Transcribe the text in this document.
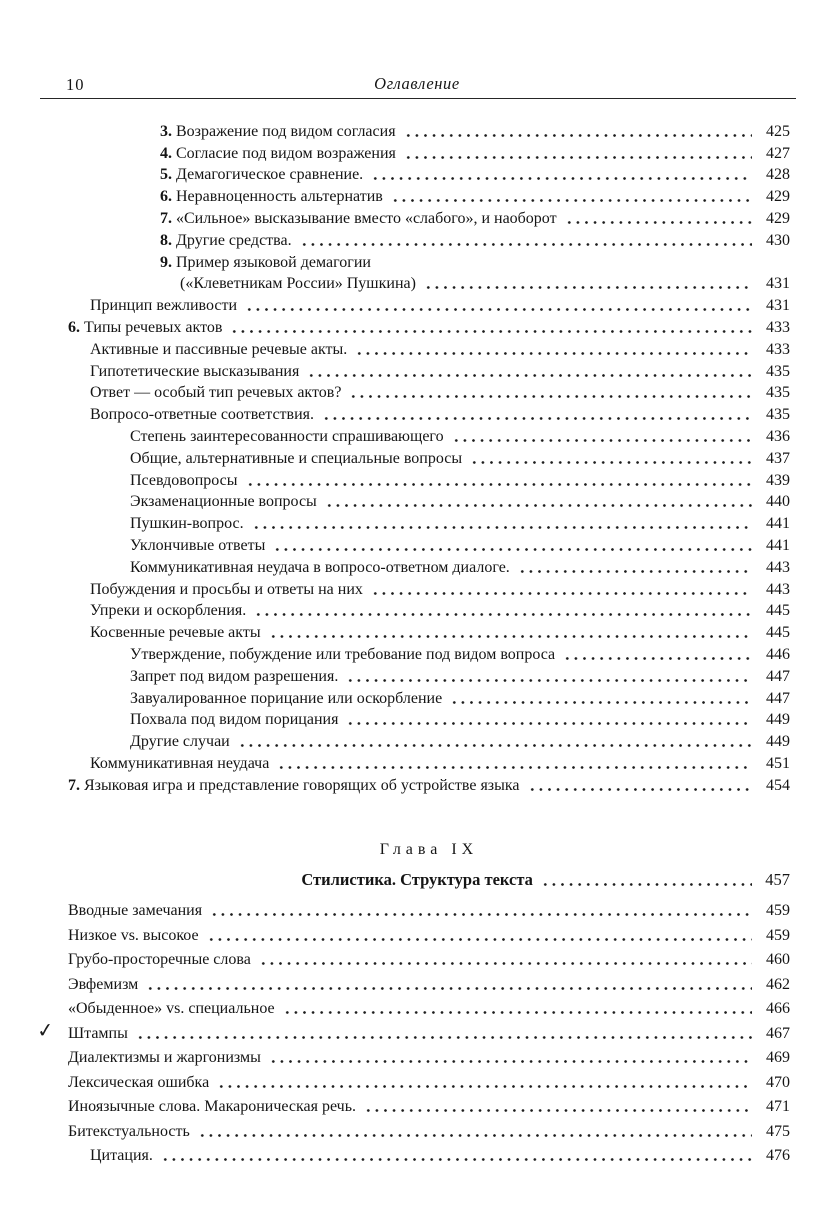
10	Оглавление
3. Возражение под видом согласия	425
4. Согласие под видом возражения	427
5. Демагогическое сравнение.	428
6. Неравноценность альтернатив	429
7. «Сильное» высказывание вместо «слабого», и наоборот	429
8. Другие средства.	430
9. Пример языковой демагогии
(«Клеветникам России» Пушкина)	431
Принцип вежливости	431
6. Типы речевых актов	433
Активные и пассивные речевые акты.	433
Гипотетические высказывания	435
Ответ — особый тип речевых актов?	435
Вопросо-ответные соответствия.	435
Степень заинтересованности спрашивающего	436
Общие, альтернативные и специальные вопросы	437
Псевдовопросы	439
Экзаменационные вопросы	440
Пушкин-вопрос.	441
Уклончивые ответы	441
Коммуникативная неудача в вопросо-ответном диалоге.	443
Побуждения и просьбы и ответы на них	443
Упреки и оскорбления.	445
Косвенные речевые акты	445
Утверждение, побуждение или требование под видом вопроса	446
Запрет под видом разрешения.	447
Завуалированное порицание или оскорбление	447
Похвала под видом порицания	449
Другие случаи	449
Коммуникативная неудача	451
7. Языковая игра и представление говорящих об устройстве языка	454
Глава IX
Стилистика. Структура текста	457
Вводные замечания	459
Низкое vs. высокое	459
Грубо-просторечные слова	460
Эвфемизм	462
«Обыденное» vs. специальное	466
✓ Штампы	467
Диалектизмы и жаргонизмы	469
Лексическая ошибка	470
Иноязычные слова. Макароническая речь.	471
Битекстуальность	475
Цитация.	476
